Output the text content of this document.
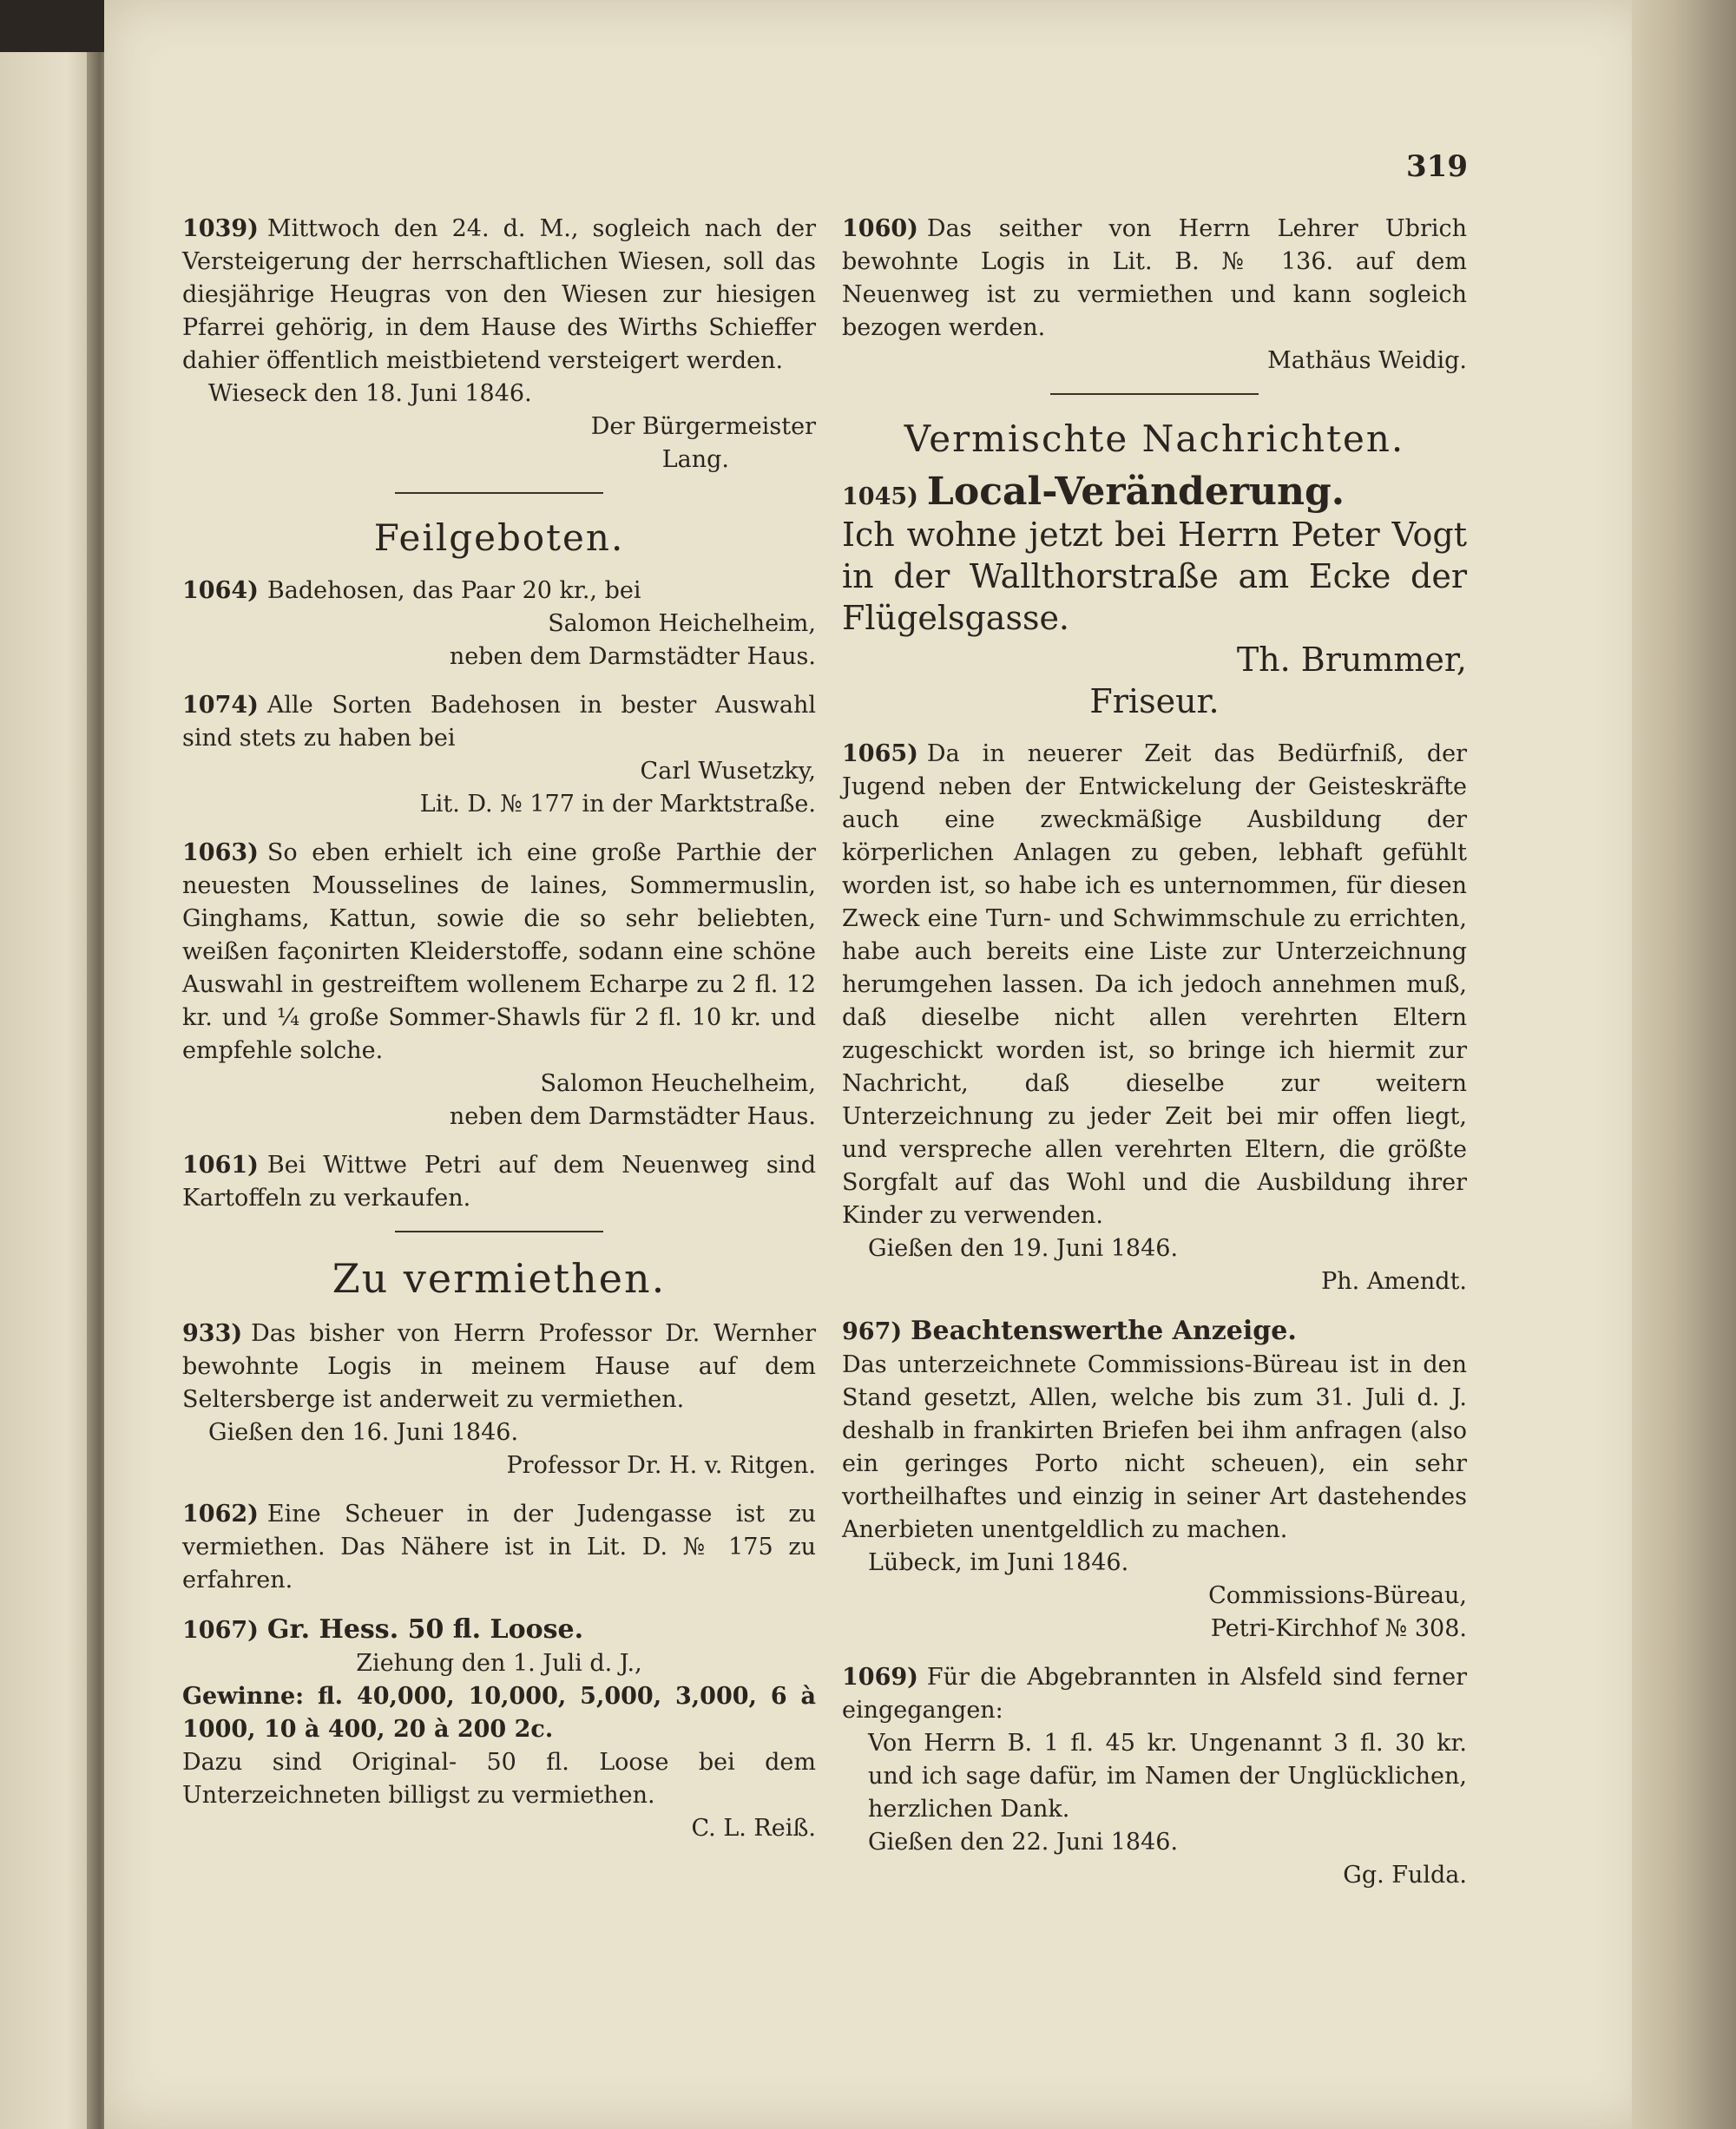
319

1039) Mittwoch den 24. d. M., sogleich nach der Versteigerung der herrschaftlichen Wiesen, soll das diesjährige Heugras von den Wiesen zur hiesigen Pfarrei gehörig, in dem Hause des Wirths Schieffer dahier öffentlich meistbietend versteigert werden.

Wieseck den 18. Juni 1846.

Der Bürgermeister

Lang.

Feilgeboten.

1064) Badehosen, das Paar 20 kr., bei

Salomon Heichelheim,

neben dem Darmstädter Haus.

1074) Alle Sorten Badehosen in bester Auswahl sind stets zu haben bei

Carl Wusetzky,

Lit. D. № 177 in der Marktstraße.

1063) So eben erhielt ich eine große Parthie der neuesten Mousselines de laines, Sommermuslin, Ginghams, Kattun, sowie die so sehr beliebten, weißen façonirten Kleiderstoffe, sodann eine schöne Auswahl in gestreiftem wollenem Echarpe zu 2 fl. 12 kr. und ¼ große Sommer-Shawls für 2 fl. 10 kr. und empfehle solche.

Salomon Heuchelheim,

neben dem Darmstädter Haus.

1061) Bei Wittwe Petri auf dem Neuenweg sind Kartoffeln zu verkaufen.

Zu vermiethen.

933) Das bisher von Herrn Professor Dr. Wernher bewohnte Logis in meinem Hause auf dem Seltersberge ist anderweit zu vermiethen.

Gießen den 16. Juni 1846.

Professor Dr. H. v. Ritgen.

1062) Eine Scheuer in der Judengasse ist zu vermiethen. Das Nähere ist in Lit. D. № 175 zu erfahren.

1067) Gr. Hess. 50 fl. Loose.

Ziehung den 1. Juli d. J.,

Gewinne: fl. 40,000, 10,000, 5,000, 3,000, 6 à 1000, 10 à 400, 20 à 200 2c.

Dazu sind Original- 50 fl. Loose bei dem Unterzeichneten billigst zu vermiethen.

C. L. Reiß.

1060) Das seither von Herrn Lehrer Ubrich bewohnte Logis in Lit. B. № 136. auf dem Neuenweg ist zu vermiethen und kann sogleich bezogen werden.

Mathäus Weidig.

Vermischte Nachrichten.

1045) Local-Veränderung.

Ich wohne jetzt bei Herrn Peter Vogt in der Wallthorstraße am Ecke der Flügelsgasse.

Th. Brummer,

Friseur.

1065) Da in neuerer Zeit das Bedürfniß, der Jugend neben der Entwickelung der Geisteskräfte auch eine zweckmäßige Ausbildung der körperlichen Anlagen zu geben, lebhaft gefühlt worden ist, so habe ich es unternommen, für diesen Zweck eine Turn- und Schwimmschule zu errichten, habe auch bereits eine Liste zur Unterzeichnung herumgehen lassen. Da ich jedoch annehmen muß, daß dieselbe nicht allen verehrten Eltern zugeschickt worden ist, so bringe ich hiermit zur Nachricht, daß dieselbe zur weitern Unterzeichnung zu jeder Zeit bei mir offen liegt, und verspreche allen verehrten Eltern, die größte Sorgfalt auf das Wohl und die Ausbildung ihrer Kinder zu verwenden.

Gießen den 19. Juni 1846.

Ph. Amendt.

967) Beachtenswerthe Anzeige.

Das unterzeichnete Commissions-Büreau ist in den Stand gesetzt, Allen, welche bis zum 31. Juli d. J. deshalb in frankirten Briefen bei ihm anfragen (also ein geringes Porto nicht scheuen), ein sehr vortheilhaftes und einzig in seiner Art dastehendes Anerbieten unentgeldlich zu machen.

Lübeck, im Juni 1846.

Commissions-Büreau,

Petri-Kirchhof № 308.

1069) Für die Abgebrannten in Alsfeld sind ferner eingegangen:

Von Herrn B. 1 fl. 45 kr. Ungenannt 3 fl. 30 kr. und ich sage dafür, im Namen der Unglücklichen, herzlichen Dank.

Gießen den 22. Juni 1846.

Gg. Fulda.
